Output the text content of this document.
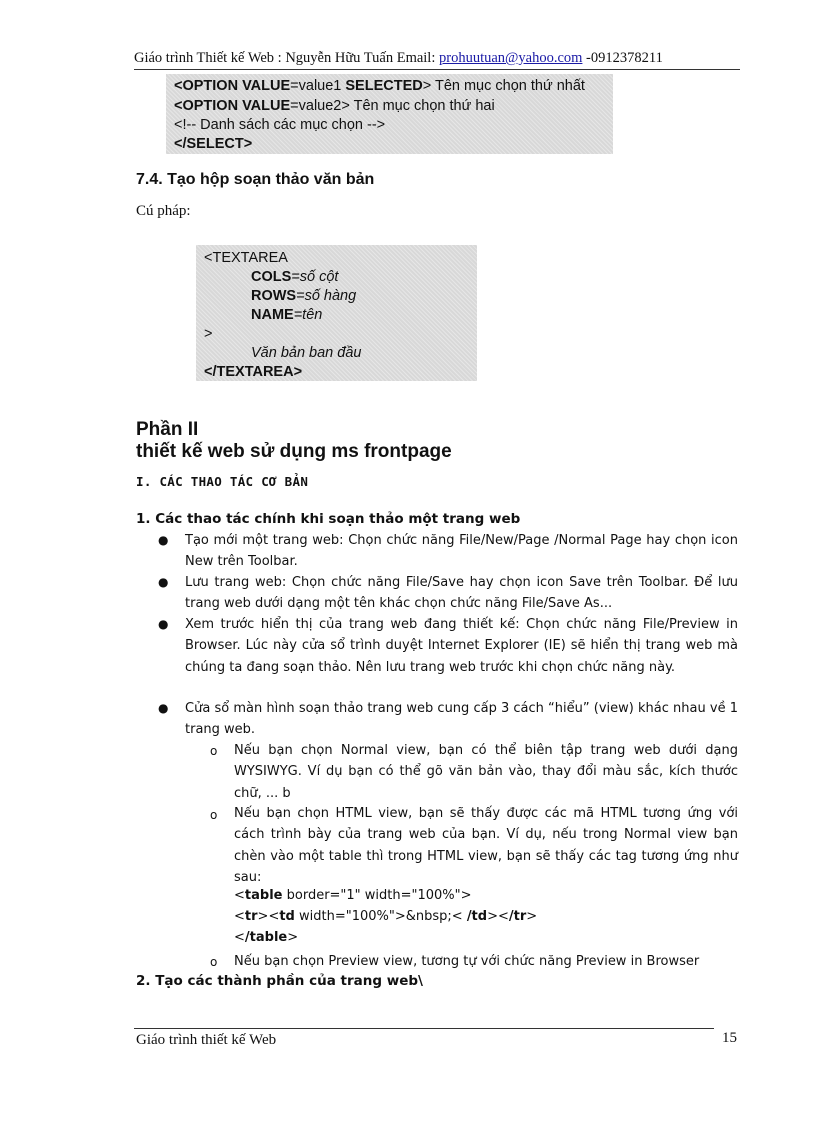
Giáo trình Thiết kế Web : Nguyễn Hữu Tuấn Email: prohuutuan@yahoo.com -0912378211
<OPTION VALUE=value1 SELECTED> Tên mục chọn thứ nhất
<OPTION VALUE=value2> Tên mục chọn thứ hai
<!-- Danh sách các mục chọn -->
</SELECT>
7.4. Tạo hộp soạn thảo văn bản
Cú pháp:
<TEXTAREA
COLS=số cột
ROWS=số hàng
NAME=tên
>
Văn bản ban đầu
</TEXTAREA>
Phần II
thiết kế web sử dụng ms frontpage
I. CÁC THAO TÁC CƠ BẢN
1. Các thao tác chính khi soạn thảo một trang web
● Tạo mới một trang web: Chọn chức năng File/New/Page /Normal Page hay chọn icon New trên Toolbar.
● Lưu trang web: Chọn chức năng File/Save hay chọn icon Save trên Toolbar. Để lưu trang web dưới dạng một tên khác chọn chức năng File/Save As...
● Xem trước hiển thị của trang web đang thiết kế: Chọn chức năng File/Preview in Browser. Lúc này cửa sổ trình duyệt Internet Explorer (IE) sẽ hiển thị trang web mà chúng ta đang soạn thảo. Nên lưu trang web trước khi chọn chức năng này.
● Cửa sổ màn hình soạn thảo trang web cung cấp 3 cách “hiểu” (view) khác nhau về 1 trang web.
o Nếu bạn chọn Normal view, bạn có thể biên tập trang web dưới dạng WYSIWYG. Ví dụ bạn có thể gõ văn bản vào, thay đổi màu sắc, kích thước chữ, ... b
o Nếu bạn chọn HTML view, bạn sẽ thấy được các mã HTML tương ứng với cách trình bày của trang web của bạn. Ví dụ, nếu trong Normal view bạn chèn vào một table thì trong HTML view, bạn sẽ thấy các tag tương ứng như sau:
<table border="1" width="100%">
<tr><td width="100%">&nbsp;< /td></tr>
</table>
o Nếu bạn chọn Preview view, tương tự với chức năng Preview in Browser
2. Tạo các thành phần của trang web\
Giáo trình thiết kế Web	15
